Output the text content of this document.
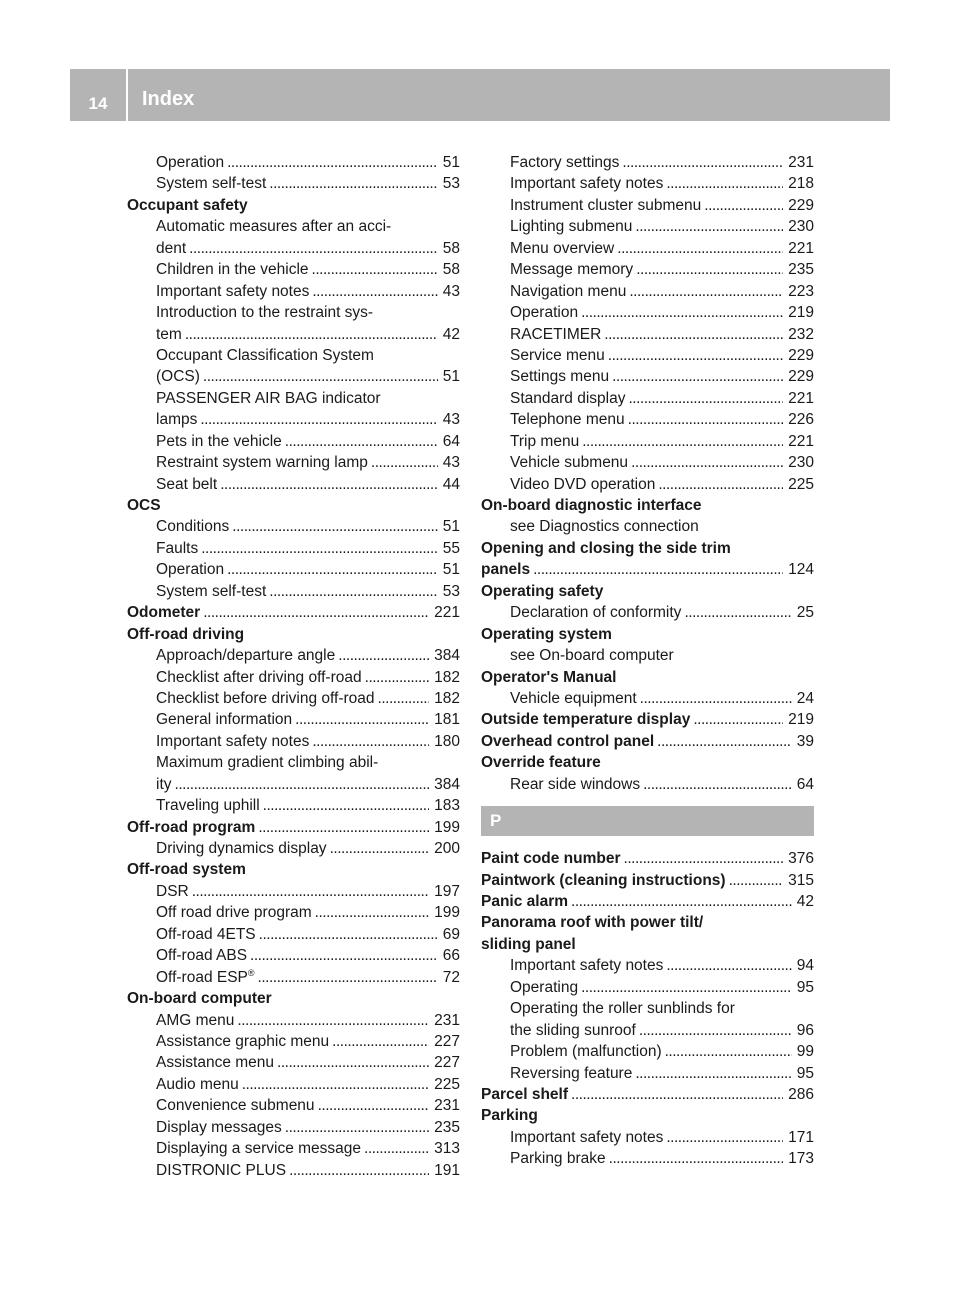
14	Index
Operation . . .	51
System self-test . . .	53
Occupant safety
Automatic measures after an acci-
dent . . .	58
Children in the vehicle . . .	58
Important safety notes . . .	43
Introduction to the restraint sys-
tem . . .	42
Occupant Classification System
(OCS) . . .	51
PASSENGER AIR BAG indicator
lamps . . .	43
Pets in the vehicle . . .	64
Restraint system warning lamp . . .	43
Seat belt . . .	44
OCS
Conditions . . .	51
Faults . . .	55
Operation . . .	51
System self-test . . .	53
Odometer . . .	221
Off-road driving
Approach/departure angle . . .	384
Checklist after driving off-road . . .	182
Checklist before driving off-road . . .	182
General information . . .	181
Important safety notes . . .	180
Maximum gradient climbing abil-
ity . . .	384
Traveling uphill . . .	183
Off-road program . . .	199
Driving dynamics display . . .	200
Off-road system
DSR . . .	197
Off road drive program . . .	199
Off-road 4ETS . . .	69
Off-road ABS . . .	66
Off-road ESP® . . .	72
On-board computer
AMG menu . . .	231
Assistance graphic menu . . .	227
Assistance menu . . .	227
Audio menu . . .	225
Convenience submenu . . .	231
Display messages . . .	235
Displaying a service message . . .	313
DISTRONIC PLUS . . .	191
Factory settings . . .	231
Important safety notes . . .	218
Instrument cluster submenu . . .	229
Lighting submenu . . .	230
Menu overview . . .	221
Message memory . . .	235
Navigation menu . . .	223
Operation . . .	219
RACETIMER . . .	232
Service menu . . .	229
Settings menu . . .	229
Standard display . . .	221
Telephone menu . . .	226
Trip menu . . .	221
Vehicle submenu . . .	230
Video DVD operation . . .	225
On-board diagnostic interface
see Diagnostics connection
Opening and closing the side trim
panels . . .	124
Operating safety
Declaration of conformity . . .	25
Operating system
see On-board computer
Operator's Manual
Vehicle equipment . . .	24
Outside temperature display . . .	219
Overhead control panel . . .	39
Override feature
Rear side windows . . .	64
P
Paint code number . . .	376
Paintwork (cleaning instructions) . . .	315
Panic alarm . . .	42
Panorama roof with power tilt/
sliding panel
Important safety notes . . .	94
Operating . . .	95
Operating the roller sunblinds for
the sliding sunroof . . .	96
Problem (malfunction) . . .	99
Reversing feature . . .	95
Parcel shelf . . .	286
Parking
Important safety notes . . .	171
Parking brake . . .	173
